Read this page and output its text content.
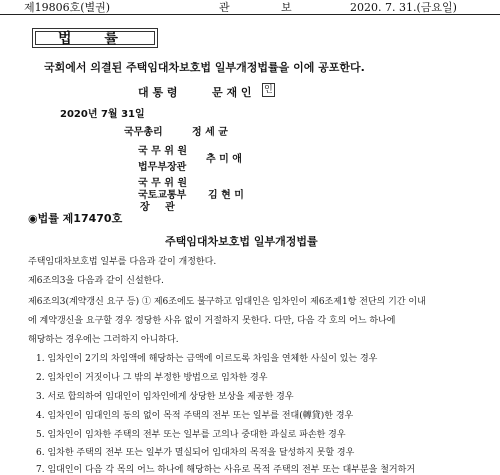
제19806호(별권)	관	보	2020. 7. 31.(금요일)
법 률
국회에서 의결된 주택임대차보호법 일부개정법률을 이에 공포한다.
대 통 령	문 재 인 인
2020년 7월 31일
국무총리	정 세 균
국 무 위 원
법무부장관
추 미 애
국 무 위 원
국토교통부
장 관
김 현 미
◉법률 제17470호
주택임대차보호법 일부개정법률
주택임대차보호법 일부를 다음과 같이 개정한다.
제6조의3을 다음과 같이 신설한다.
제6조의3(계약갱신 요구 등) ① 제6조에도 불구하고 임대인은 임차인이 제6조제1항 전단의 기간 이내
에 계약갱신을 요구할 경우 정당한 사유 없이 거절하지 못한다. 다만, 다음 각 호의 어느 하나에
해당하는 경우에는 그러하지 아니하다.
1. 임차인이 2기의 차임액에 해당하는 금액에 이르도록 차임을 연체한 사실이 있는 경우
2. 임차인이 거짓이나 그 밖의 부정한 방법으로 임차한 경우
3. 서로 합의하여 임대인이 임차인에게 상당한 보상을 제공한 경우
4. 임차인이 임대인의 동의 없이 목적 주택의 전부 또는 일부를 전대(轉貸)한 경우
5. 임차인이 임차한 주택의 전부 또는 일부를 고의나 중대한 과실로 파손한 경우
6. 임차한 주택의 전부 또는 일부가 멸실되어 임대차의 목적을 달성하지 못할 경우
7. 임대인이 다음 각 목의 어느 하나에 해당하는 사유로 목적 주택의 전부 또는 대부분을 철거하거
